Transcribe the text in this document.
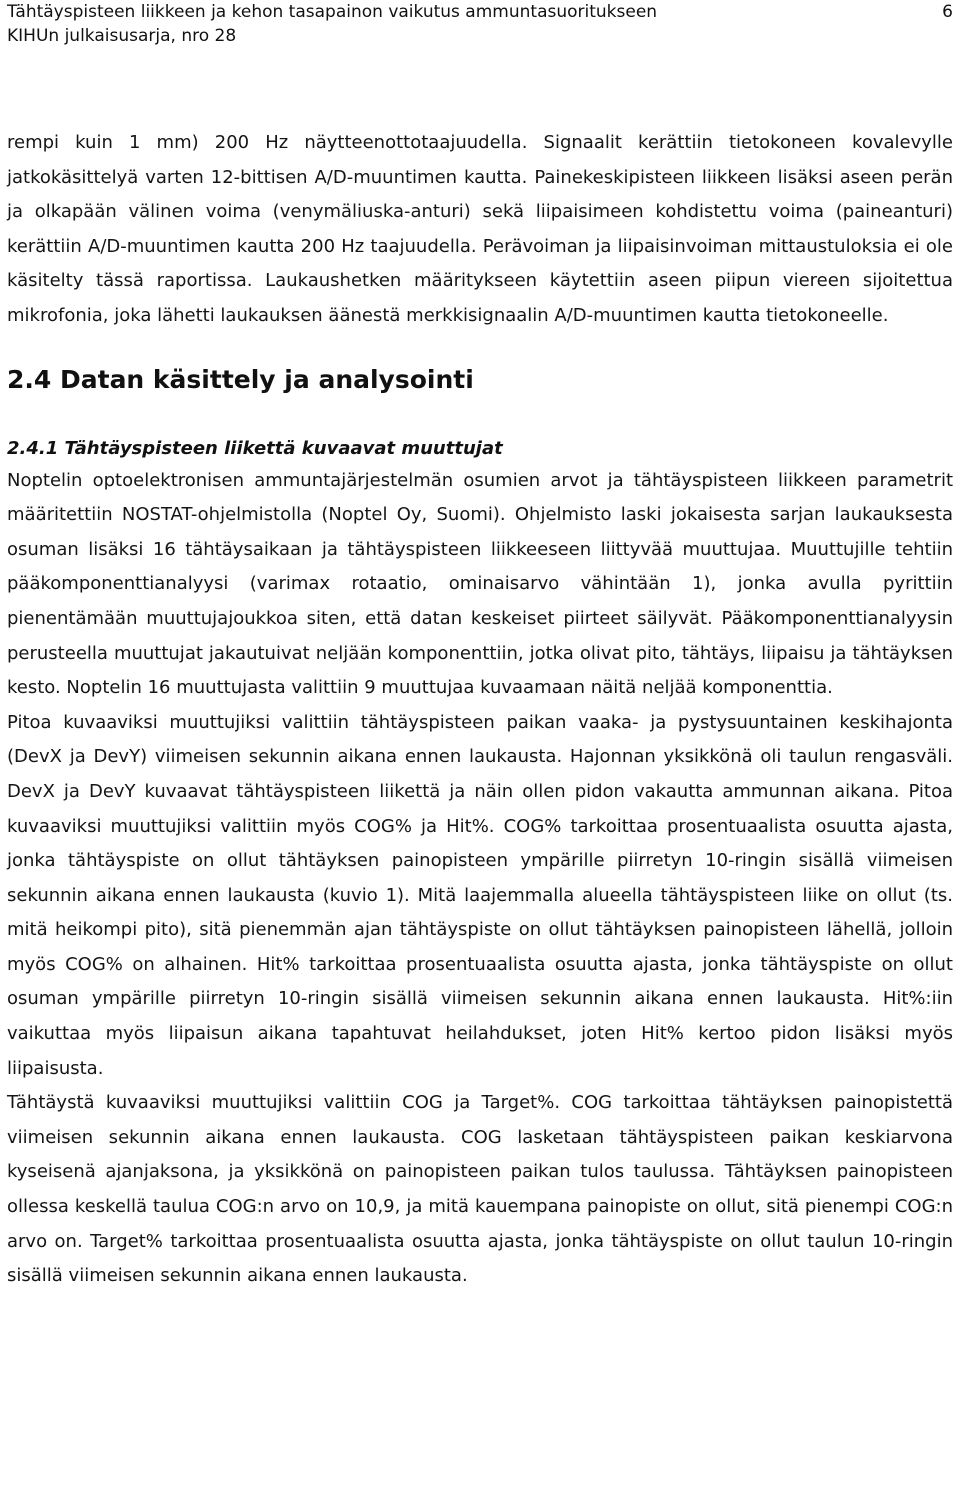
Tähtäyspisteen liikkeen ja kehon tasapainon vaikutus ammuntasuoritukseen	6
KIHUn julkaisusarja, nro 28

rempi kuin 1 mm) 200 Hz näytteenottotaajuudella. Signaalit kerättiin tietokoneen kovalevylle jatkokäsittelyä varten 12-bittisen A/D-muuntimen kautta. Painekeskipisteen liikkeen lisäksi aseen perän ja olkapään välinen voima (venymäliuska-anturi) sekä liipaisimeen kohdistettu voima (paineanturi) kerättiin A/D-muuntimen kautta 200 Hz taajuudella. Perävoiman ja liipaisinvoiman mittaustuloksia ei ole käsitelty tässä raportissa. Laukaushetken määritykseen käytettiin aseen piipun viereen sijoitettua mikrofonia, joka lähetti laukauksen äänestä merkkisignaalin A/D-muuntimen kautta tietokoneelle.

2.4 Datan käsittely ja analysointi
2.4.1 Tähtäyspisteen liikettä kuvaavat muuttujat

Noptelin optoelektronisen ammuntajärjestelmän osumien arvot ja tähtäyspisteen liikkeen parametrit määritettiin NOSTAT-ohjelmistolla (Noptel Oy, Suomi). Ohjelmisto laski jokaisesta sarjan laukauksesta osuman lisäksi 16 tähtäysaikaan ja tähtäyspisteen liikkeeseen liittyvää muuttujaa. Muuttujille tehtiin pääkomponenttianalyysi (varimax rotaatio, ominaisarvo vähintään 1), jonka avulla pyrittiin pienentämään muuttujajoukkoa siten, että datan keskeiset piirteet säilyvät. Pääkomponenttianalyysin perusteella muuttujat jakautuivat neljään komponenttiin, jotka olivat pito, tähtäys, liipaisu ja tähtäyksen kesto. Noptelin 16 muuttujasta valittiin 9 muuttujaa kuvaamaan näitä neljää komponenttia.

Pitoa kuvaaviksi muuttujiksi valittiin tähtäyspisteen paikan vaaka- ja pystysuuntainen keskihajonta (DevX ja DevY) viimeisen sekunnin aikana ennen laukausta. Hajonnan yksikkönä oli taulun rengasväli. DevX ja DevY kuvaavat tähtäyspisteen liikettä ja näin ollen pidon vakautta ammunnan aikana. Pitoa kuvaaviksi muuttujiksi valittiin myös COG% ja Hit%. COG% tarkoittaa prosentuaalista osuutta ajasta, jonka tähtäyspiste on ollut tähtäyksen painopisteen ympärille piirretyn 10-ringin sisällä viimeisen sekunnin aikana ennen laukausta (kuvio 1). Mitä laajemmalla alueella tähtäyspisteen liike on ollut (ts. mitä heikompi pito), sitä pienemmän ajan tähtäyspiste on ollut tähtäyksen painopisteen lähellä, jolloin myös COG% on alhainen. Hit% tarkoittaa prosentuaalista osuutta ajasta, jonka tähtäyspiste on ollut osuman ympärille piirretyn 10-ringin sisällä viimeisen sekunnin aikana ennen laukausta. Hit%:iin vaikuttaa myös liipaisun aikana tapahtuvat heilahdukset, joten Hit% kertoo pidon lisäksi myös liipaisusta.

Tähtäystä kuvaaviksi muuttujiksi valittiin COG ja Target%. COG tarkoittaa tähtäyksen painopistettä viimeisen sekunnin aikana ennen laukausta. COG lasketaan tähtäyspisteen paikan keskiarvona kyseisenä ajanjaksona, ja yksikkönä on painopisteen paikan tulos taulussa. Tähtäyksen painopisteen ollessa keskellä taulua COG:n arvo on 10,9, ja mitä kauempana painopiste on ollut, sitä pienempi COG:n arvo on. Target% tarkoittaa prosentuaalista osuutta ajasta, jonka tähtäyspiste on ollut taulun 10-ringin sisällä viimeisen sekunnin aikana ennen laukausta.
